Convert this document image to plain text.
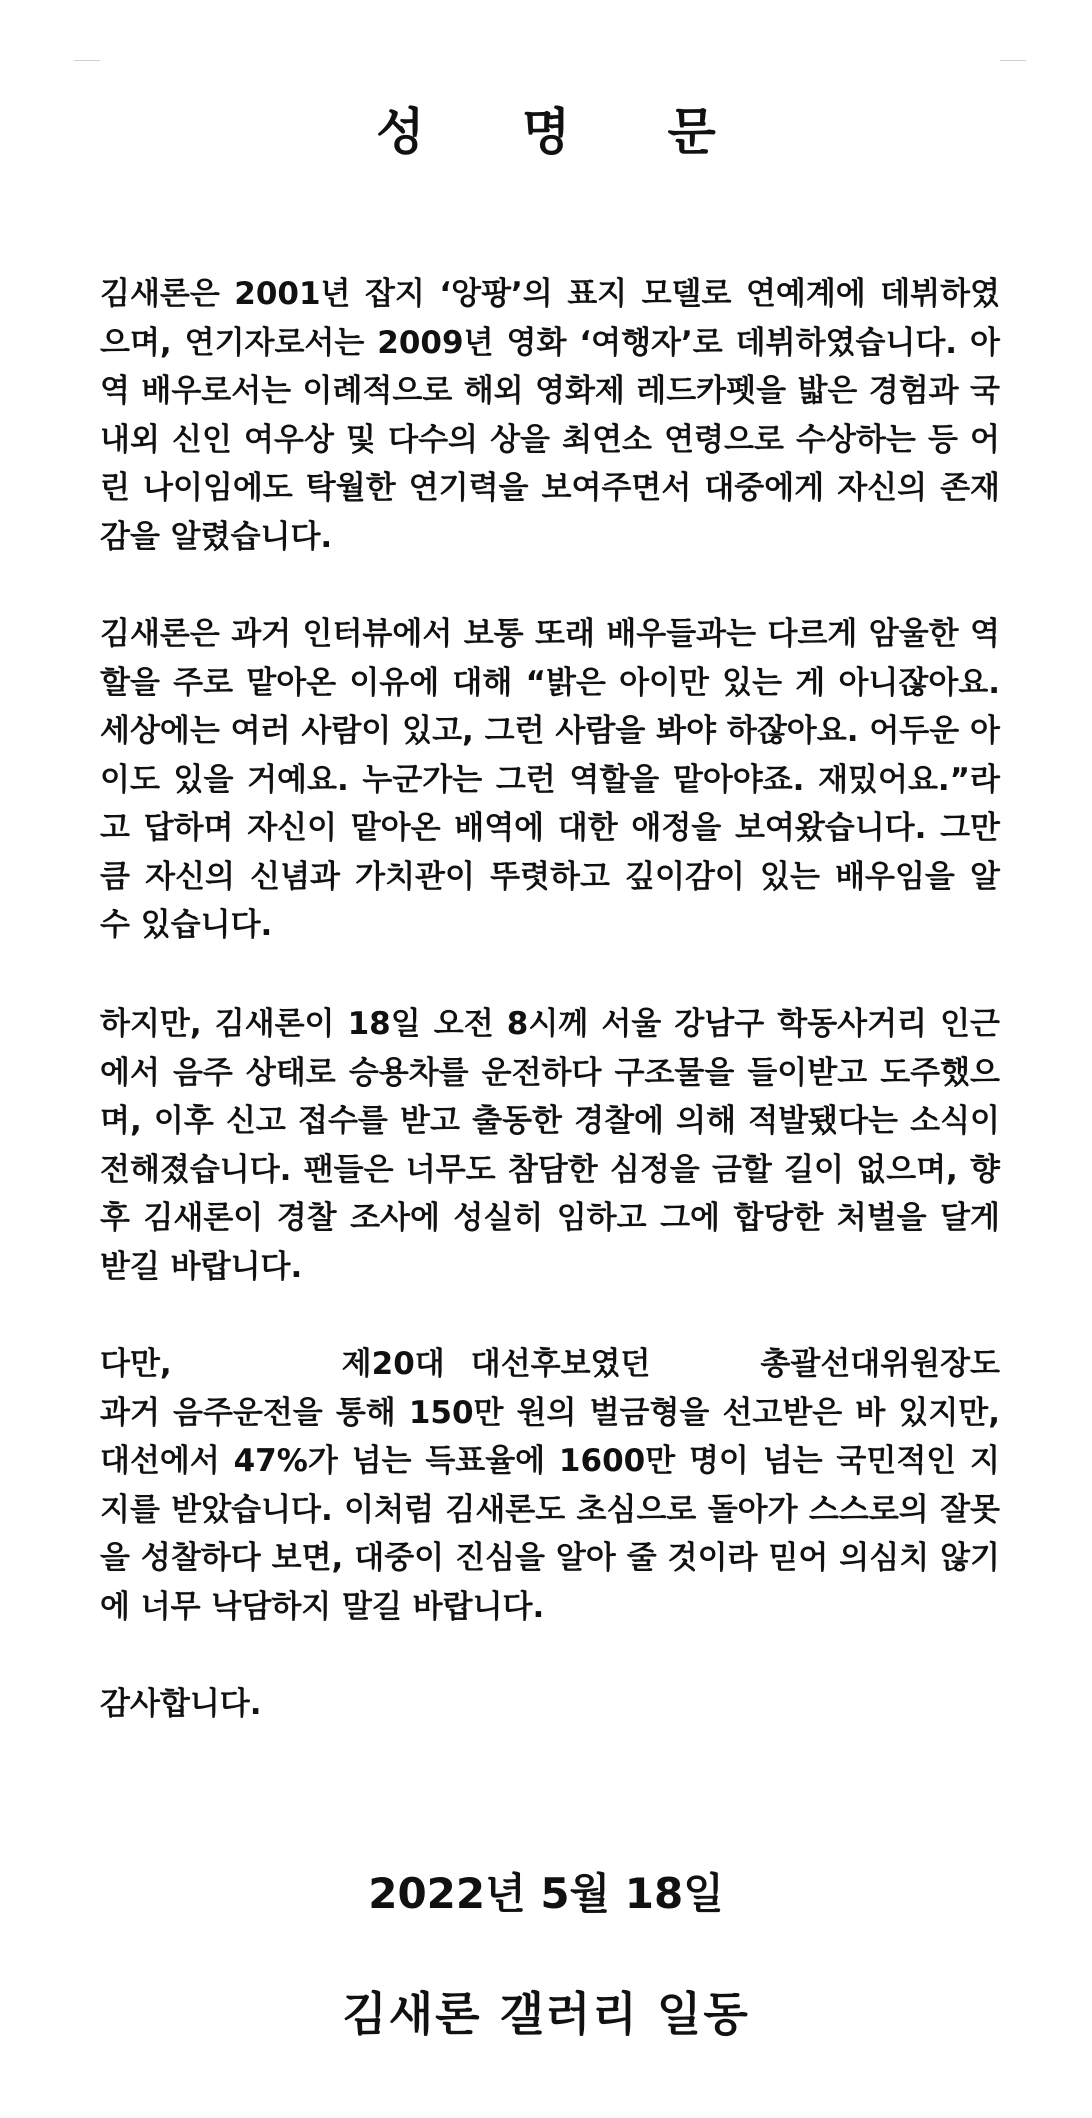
성 명 문

김새론은 2001년 잡지 ‘앙팡’의 표지 모델로 연예계에 데뷔하였으며, 연기자로서는 2009년 영화 ‘여행자’로 데뷔하였습니다. 아역 배우로서는 이례적으로 해외 영화제 레드카펫을 밟은 경험과 국내외 신인 여우상 및 다수의 상을 최연소 연령으로 수상하는 등 어린 나이임에도 탁월한 연기력을 보여주면서 대중에게 자신의 존재감을 알렸습니다.

김새론은 과거 인터뷰에서 보통 또래 배우들과는 다르게 암울한 역할을 주로 맡아온 이유에 대해 “밝은 아이만 있는 게 아니잖아요. 세상에는 여러 사람이 있고, 그런 사람을 봐야 하잖아요. 어두운 아이도 있을 거예요. 누군가는 그런 역할을 맡아야죠. 재밌어요.”라고 답하며 자신이 맡아온 배역에 대한 애정을 보여왔습니다. 그만큼 자신의 신념과 가치관이 뚜렷하고 깊이감이 있는 배우임을 알 수 있습니다.

하지만, 김새론이 18일 오전 8시께 서울 강남구 학동사거리 인근에서 음주 상태로 승용차를 운전하다 구조물을 들이받고 도주했으며, 이후 신고 접수를 받고 출동한 경찰에 의해 적발됐다는 소식이 전해졌습니다. 팬들은 너무도 참담한 심정을 금할 길이 없으며, 향후 김새론이 경찰 조사에 성실히 임하고 그에 합당한 처벌을 달게 받길 바랍니다.

다만,	제20대 대선후보였던	총괄선대위원장도 과거 음주운전을 통해 150만 원의 벌금형을 선고받은 바 있지만, 대선에서 47%가 넘는 득표율에 1600만 명이 넘는 국민적인 지지를 받았습니다. 이처럼 김새론도 초심으로 돌아가 스스로의 잘못을 성찰하다 보면, 대중이 진심을 알아 줄 것이라 믿어 의심치 않기에 너무 낙담하지 말길 바랍니다.

감사합니다.

2022년 5월 18일
김새론 갤러리 일동
